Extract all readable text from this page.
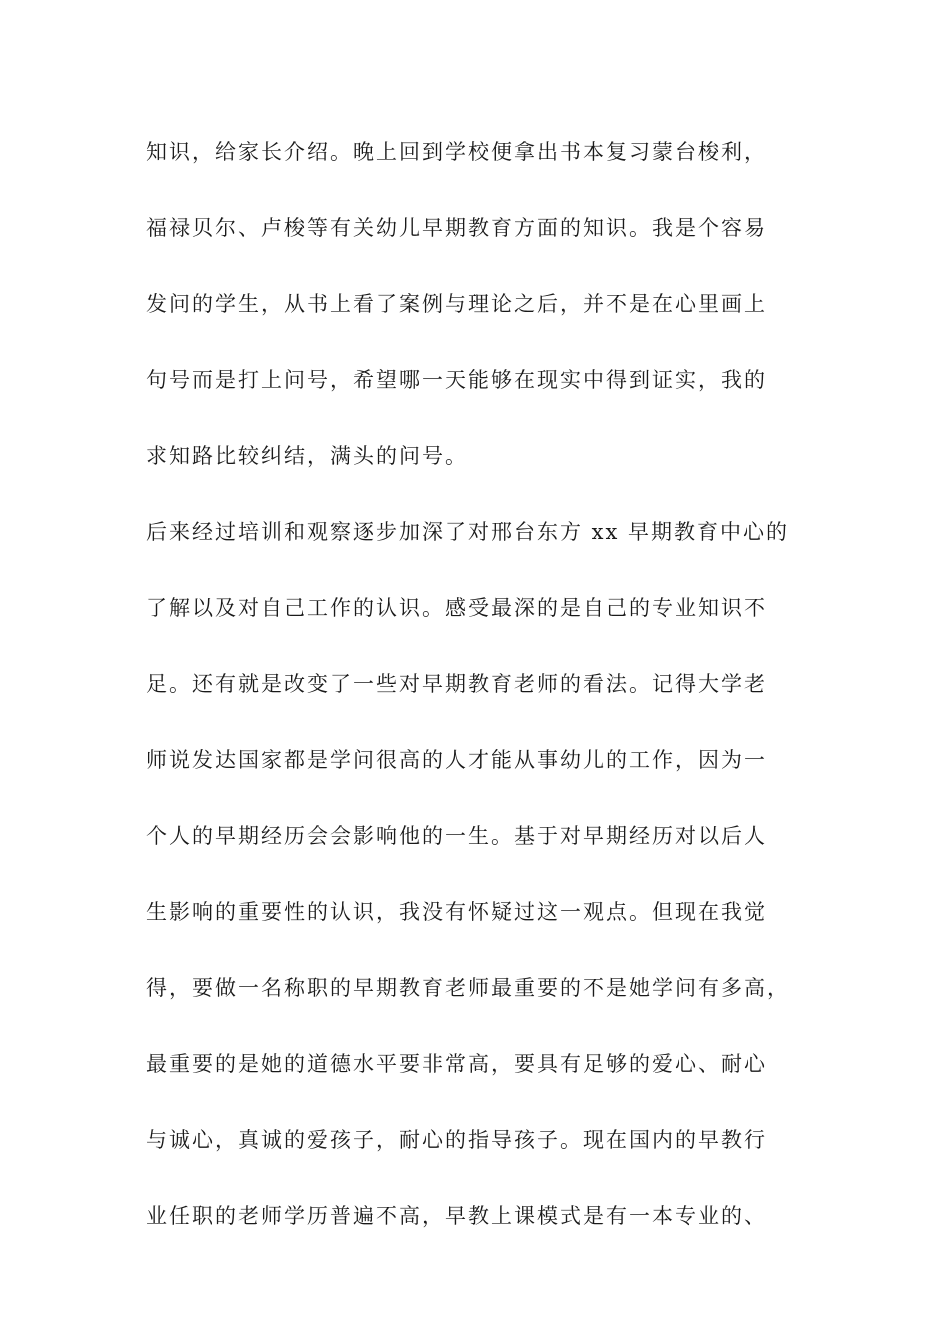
知识，给家长介绍。晚上回到学校便拿出书本复习蒙台梭利，
福禄贝尔、卢梭等有关幼儿早期教育方面的知识。我是个容易
发问的学生，从书上看了案例与理论之后，并不是在心里画上
句号而是打上问号，希望哪一天能够在现实中得到证实，我的
求知路比较纠结，满头的问号。
后来经过培训和观察逐步加深了对邢台东方 xx 早期教育中心的
了解以及对自己工作的认识。感受最深的是自己的专业知识不
足。还有就是改变了一些对早期教育老师的看法。记得大学老
师说发达国家都是学问很高的人才能从事幼儿的工作，因为一
个人的早期经历会会影响他的一生。基于对早期经历对以后人
生影响的重要性的认识，我没有怀疑过这一观点。但现在我觉
得，要做一名称职的早期教育老师最重要的不是她学问有多高，
最重要的是她的道德水平要非常高，要具有足够的爱心、耐心
与诚心，真诚的爱孩子，耐心的指导孩子。现在国内的早教行
业任职的老师学历普遍不高，早教上课模式是有一本专业的、
